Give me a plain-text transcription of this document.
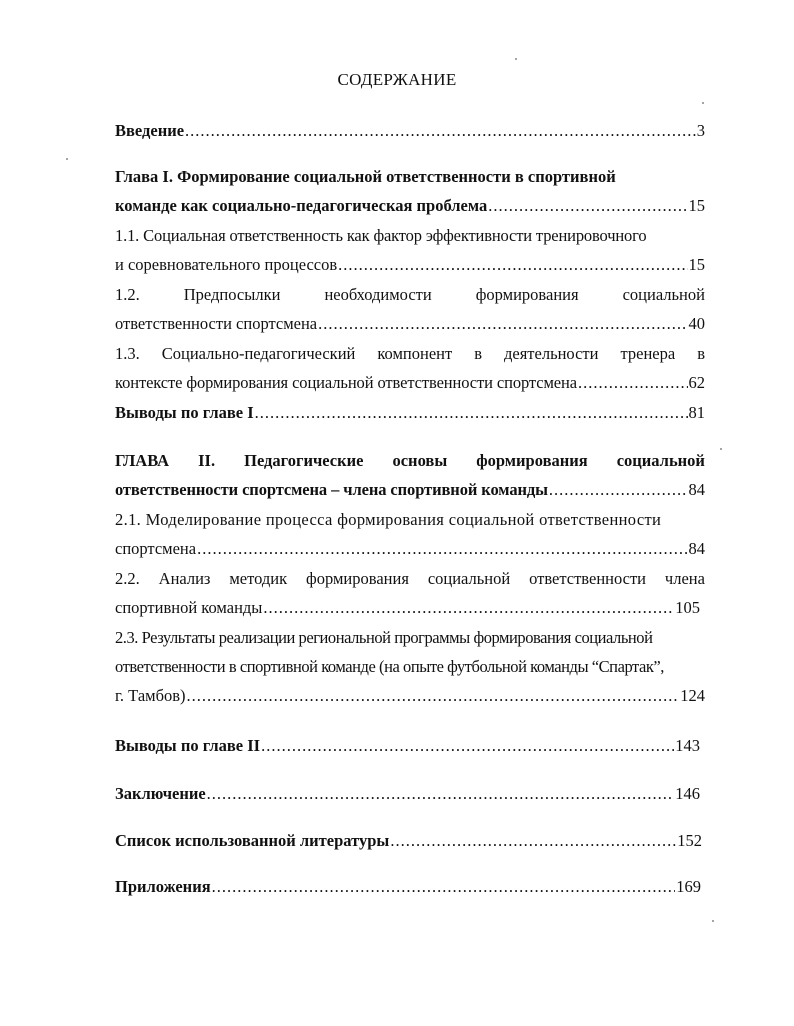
СОДЕРЖАНИЕ
Введение .....	3
Глава I. Формирование социальной ответственности в спортивной
команде как социально-педагогическая проблема .....	15
1.1. Социальная ответственность как фактор эффективности тренировочного
и соревновательного процессов .....	15
1.2.	Предпосылки	необходимости	формирования	социальной
ответственности спортсмена .....	40
1.3. Социально-педагогический компонент в деятельности тренера в
контексте формирования социальной ответственности спортсмена .....	62
Выводы по главе I .....	81
ГЛАВА II. Педагогические основы формирования социальной
ответственности спортсмена – члена спортивной команды .....	84
2.1. Моделирование процесса формирования социальной ответственности
спортсмена .....	84
2.2. Анализ методик формирования социальной ответственности члена
спортивной команды .....	105
2.3. Результаты реализации региональной программы формирования социальной
ответственности в спортивной команде (на опыте футбольной команды “Спартак”,
г. Тамбов) .....	124
Выводы по главе II .....	143
Заключение .....	146
Список использованной литературы .....	152
Приложения .....	169
